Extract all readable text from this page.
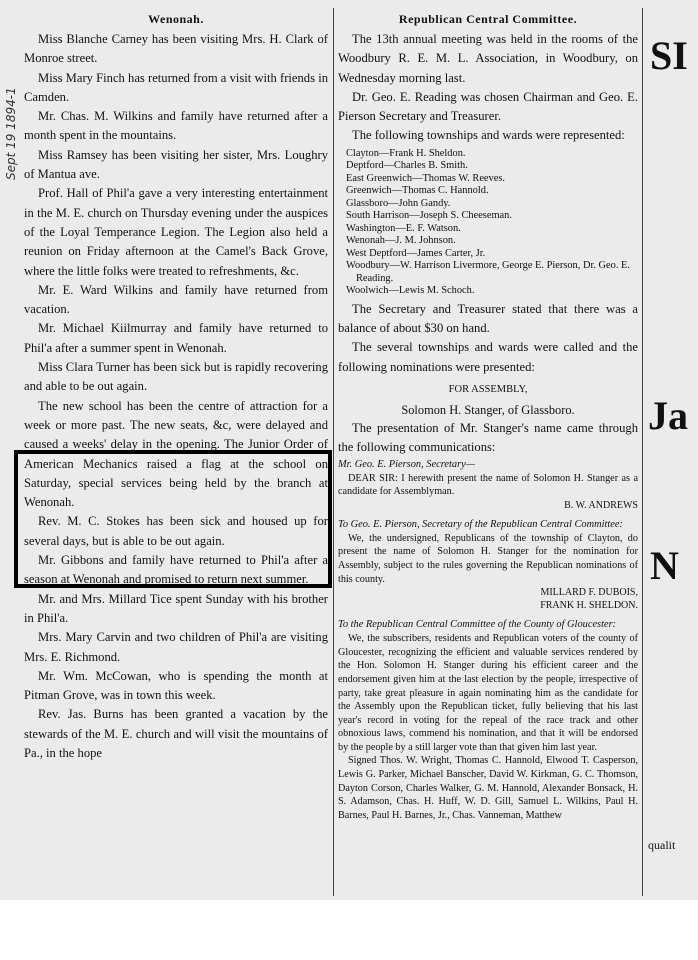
Sept 19 1894-1
Wenonah.

Miss Blanche Carney has been visiting Mrs. H. Clark of Monroe street.

Miss Mary Finch has returned from a visit with friends in Camden.

Mr. Chas. M. Wilkins and family have returned after a month spent in the mountains.

Miss Ramsey has been visiting her sister, Mrs. Loughry of Mantua ave.

Prof. Hall of Phil'a gave a very interesting entertainment in the M. E. church on Thursday evening under the auspices of the Loyal Temperance Legion. The Legion also held a reunion on Friday afternoon at the Camel's Back Grove, where the little folks were treated to refreshments, &c.

Mr. E. Ward Wilkins and family have returned from vacation.

Mr. Michael Kiilmurray and family have returned to Phil'a after a summer spent in Wenonah.

Miss Clara Turner has been sick but is rapidly recovering and able to be out again.

The new school has been the centre of attraction for a week or more past. The new seats, &c, were delayed and caused a weeks' delay in the opening. The Junior Order of American Mechanics raised a flag at the school on Saturday, special services being held by the branch at Wenonah.

Rev. M. C. Stokes has been sick and housed up for several days, but is able to be out again.

Mr. Gibbons and family have returned to Phil'a after a season at Wenonah and promised to return next summer.

Mr. and Mrs. Millard Tice spent Sunday with his brother in Phil'a.

Mrs. Mary Carvin and two children of Phil'a are visiting Mrs. E. Richmond.

Mr. Wm. McCowan, who is spending the month at Pitman Grove, was in town this week.

Rev. Jas. Burns has been granted a vacation by the stewards of the M. E. church and will visit the mountains of Pa., in the hope

Republican Central Committee.

The 13th annual meeting was held in the rooms of the Woodbury R. E. M. L. Association, in Woodbury, on Wednesday morning last.

Dr. Geo. E. Reading was chosen Chairman and Geo. E. Pierson Secretary and Treasurer.

The following townships and wards were represented:

Clayton—Frank H. Sheldon.
Deptford—Charles B. Smith.
East Greenwich—Thomas W. Reeves.
Greenwich—Thomas C. Hannold.
Glassboro—John Gandy.
South Harrison—Joseph S. Cheeseman.
Washington—E. F. Watson.
Wenonah—J. M. Johnson.
West Deptford—James Carter, Jr.
Woodbury—W. Harrison Livermore, George E. Pierson, Dr. Geo. E. Reading.
Woolwich—Lewis M. Schoch.

The Secretary and Treasurer stated that there was a balance of about $30 on hand.

The several townships and wards were called and the following nominations were presented:

FOR ASSEMBLY,
Solomon H. Stanger, of Glassboro.

The presentation of Mr. Stanger's name came through the following communications:

Mr. Geo. E. Pierson, Secretary—

DEAR SIR: I herewith present the name of Solomon H. Stanger as a candidate for Assemblyman.

B. W. ANDREWS
To Geo. E. Pierson, Secretary of the Republican Central Committee:

We, the undersigned, Republicans of the township of Clayton, do present the name of Solomon H. Stanger for the nomination for Assembly, subject to the rules governing the Republican nominations of this county.

MILLARD F. DUBOIS,
FRANK H. SHELDON.
To the Republican Central Committee of the County of Gloucester:

We, the subscribers, residents and Republican voters of the county of Gloucester, recognizing the efficient and valuable services rendered by the Hon. Solomon H. Stanger during his efficient career and the endorsement given him at the last election by the people, irrespective of party, take great pleasure in again nominating him as the candidate for the Assembly upon the Republican ticket, fully believing that his last year's record in voting for the repeal of the race track and other obnoxious laws, commend his nomination, and that it will be endorsed by the people by a still larger vote than that given him last year.

Signed Thos. W. Wright, Thomas C. Hannold, Elwood T. Casperson, Lewis G. Parker, Michael Banscher, David W. Kirkman, G. C. Thomson, Dayton Corson, Charles Walker, G. M. Hannold, Alexander Bonsack, H. S. Adamson, Chas. H. Huff, W. D. Gill, Samuel L. Wilkins, Paul H. Barnes, Paul H. Barnes, Jr., Chas. Vanneman, Matthew

SI
Ja
N
qualit
